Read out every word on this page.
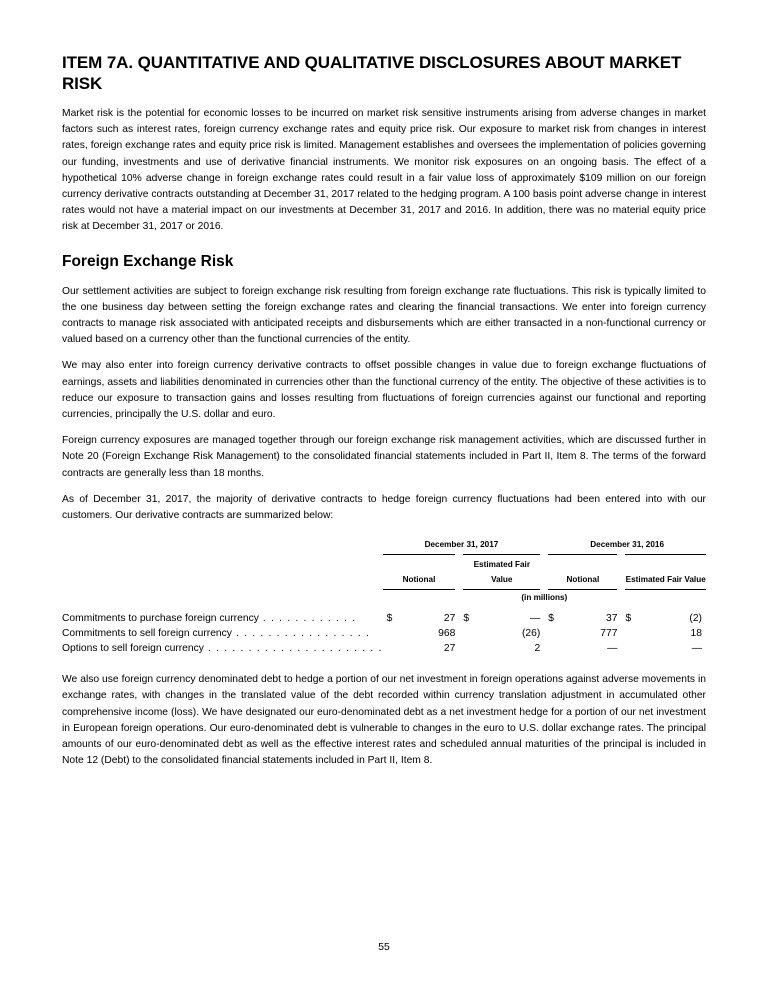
ITEM 7A. QUANTITATIVE AND QUALITATIVE DISCLOSURES ABOUT MARKET RISK

Market risk is the potential for economic losses to be incurred on market risk sensitive instruments arising from adverse changes in market factors such as interest rates, foreign currency exchange rates and equity price risk. Our exposure to market risk from changes in interest rates, foreign exchange rates and equity price risk is limited. Management establishes and oversees the implementation of policies governing our funding, investments and use of derivative financial instruments. We monitor risk exposures on an ongoing basis. The effect of a hypothetical 10% adverse change in foreign exchange rates could result in a fair value loss of approximately $109 million on our foreign currency derivative contracts outstanding at December 31, 2017 related to the hedging program. A 100 basis point adverse change in interest rates would not have a material impact on our investments at December 31, 2017 and 2016. In addition, there was no material equity price risk at December 31, 2017 or 2016.

Foreign Exchange Risk

Our settlement activities are subject to foreign exchange risk resulting from foreign exchange rate fluctuations. This risk is typically limited to the one business day between setting the foreign exchange rates and clearing the financial transactions. We enter into foreign currency contracts to manage risk associated with anticipated receipts and disbursements which are either transacted in a non-functional currency or valued based on a currency other than the functional currencies of the entity.

We may also enter into foreign currency derivative contracts to offset possible changes in value due to foreign exchange fluctuations of earnings, assets and liabilities denominated in currencies other than the functional currency of the entity. The objective of these activities is to reduce our exposure to transaction gains and losses resulting from fluctuations of foreign currencies against our functional and reporting currencies, principally the U.S. dollar and euro.

Foreign currency exposures are managed together through our foreign exchange risk management activities, which are discussed further in Note 20 (Foreign Exchange Risk Management) to the consolidated financial statements included in Part II, Item 8. The terms of the forward contracts are generally less than 18 months.

As of December 31, 2017, the majority of derivative contracts to hedge foreign currency fluctuations had been entered into with our customers. Our derivative contracts are summarized below:

	December 31, 2017				December 31, 2016			
	Notional		Estimated Fair Value		Notional		Estimated Fair Value	
	(in millions)							
Commitments to purchase foreign currency . . . . . . . . . . . .	$	27	$	—	$	37	$	(2)
Commitments to sell foreign currency . . . . . . . . . . . . . . . . .		968		(26)		777		18
Options to sell foreign currency . . . . . . . . . . . . . . . . . . . . . .		27		2		—		—

We also use foreign currency denominated debt to hedge a portion of our net investment in foreign operations against adverse movements in exchange rates, with changes in the translated value of the debt recorded within currency translation adjustment in accumulated other comprehensive income (loss). We have designated our euro-denominated debt as a net investment hedge for a portion of our net investment in European foreign operations. Our euro-denominated debt is vulnerable to changes in the euro to U.S. dollar exchange rates. The principal amounts of our euro-denominated debt as well as the effective interest rates and scheduled annual maturities of the principal is included in Note 12 (Debt) to the consolidated financial statements included in Part II, Item 8.

55
